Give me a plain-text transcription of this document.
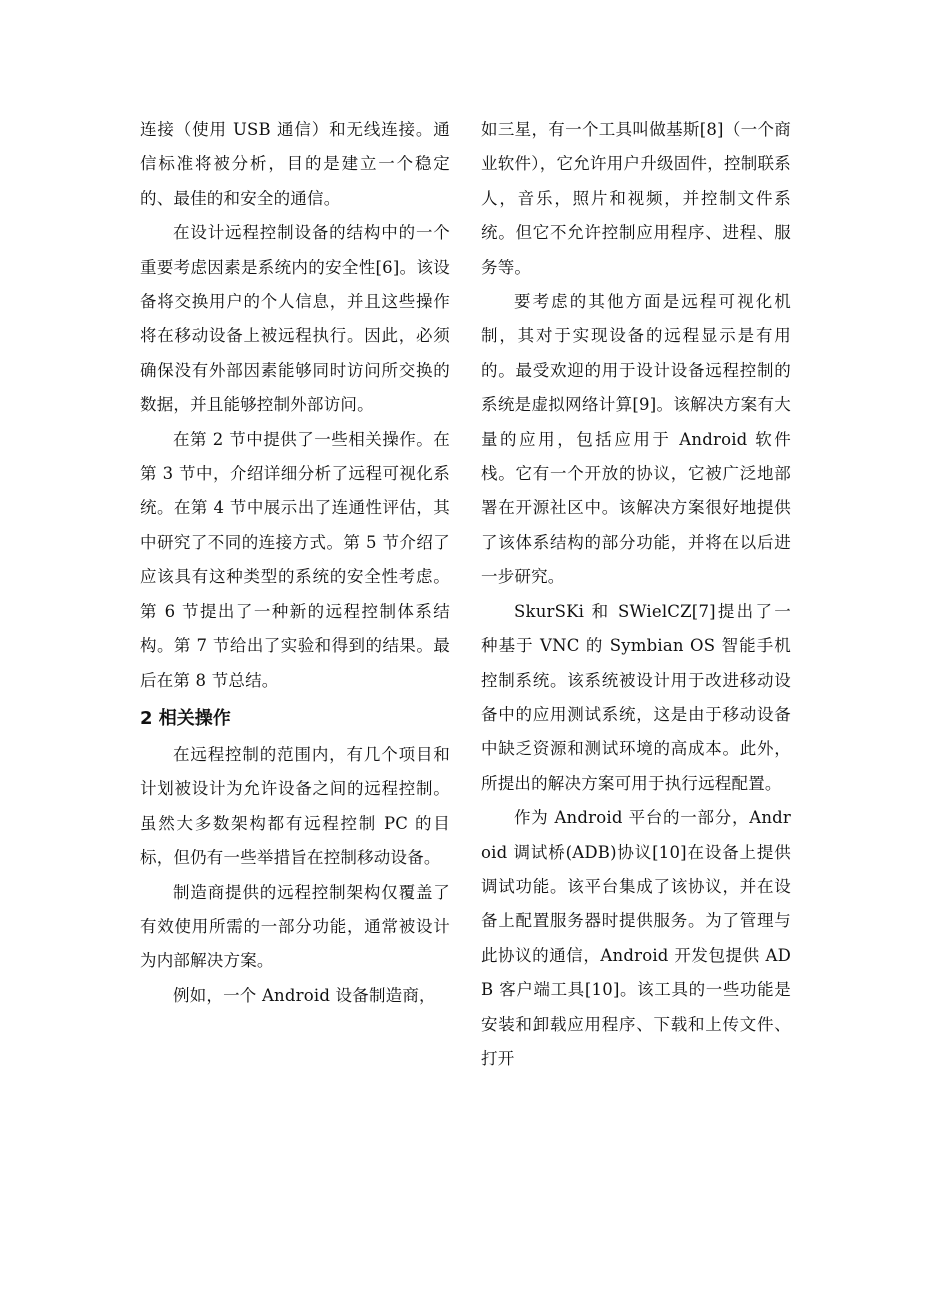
连接（使用 USB 通信）和无线连接。通信标准将被分析，目的是建立一个稳定的、最佳的和安全的通信。

在设计远程控制设备的结构中的一个重要考虑因素是系统内的安全性[6]。该设备将交换用户的个人信息，并且这些操作将在移动设备上被远程执行。因此，必须确保没有外部因素能够同时访问所交换的数据，并且能够控制外部访问。

在第 2 节中提供了一些相关操作。在第 3 节中，介绍详细分析了远程可视化系统。在第 4 节中展示出了连通性评估，其中研究了不同的连接方式。第 5 节介绍了应该具有这种类型的系统的安全性考虑。第 6 节提出了一种新的远程控制体系结构。第 7 节给出了实验和得到的结果。最后在第 8 节总结。

2 相关操作

在远程控制的范围内，有几个项目和计划被设计为允许设备之间的远程控制。虽然大多数架构都有远程控制 PC 的目标，但仍有一些举措旨在控制移动设备。

制造商提供的远程控制架构仅覆盖了有效使用所需的一部分功能，通常被设计为内部解决方案。

例如，一个 Android 设备制造商，

如三星，有一个工具叫做基斯[8]（一个商业软件），它允许用户升级固件，控制联系人，音乐，照片和视频，并控制文件系统。但它不允许控制应用程序、进程、服务等。

要考虑的其他方面是远程可视化机制，其对于实现设备的远程显示是有用的。最受欢迎的用于设计设备远程控制的系统是虚拟网络计算[9]。该解决方案有大量的应用，包括应用于 Android 软件栈。它有一个开放的协议，它被广泛地部署在开源社区中。该解决方案很好地提供了该体系结构的部分功能，并将在以后进一步研究。

SkurSKi 和 SWielCZ[7]提出了一种基于 VNC 的 Symbian OS 智能手机控制系统。该系统被设计用于改进移动设备中的应用测试系统，这是由于移动设备中缺乏资源和测试环境的高成本。此外，所提出的解决方案可用于执行远程配置。

作为 Android 平台的一部分，Android 调试桥(ADB)协议[10]在设备上提供调试功能。该平台集成了该协议，并在设备上配置服务器时提供服务。为了管理与此协议的通信，Android 开发包提供 ADB 客户端工具[10]。该工具的一些功能是安装和卸载应用程序、下载和上传文件、打开
